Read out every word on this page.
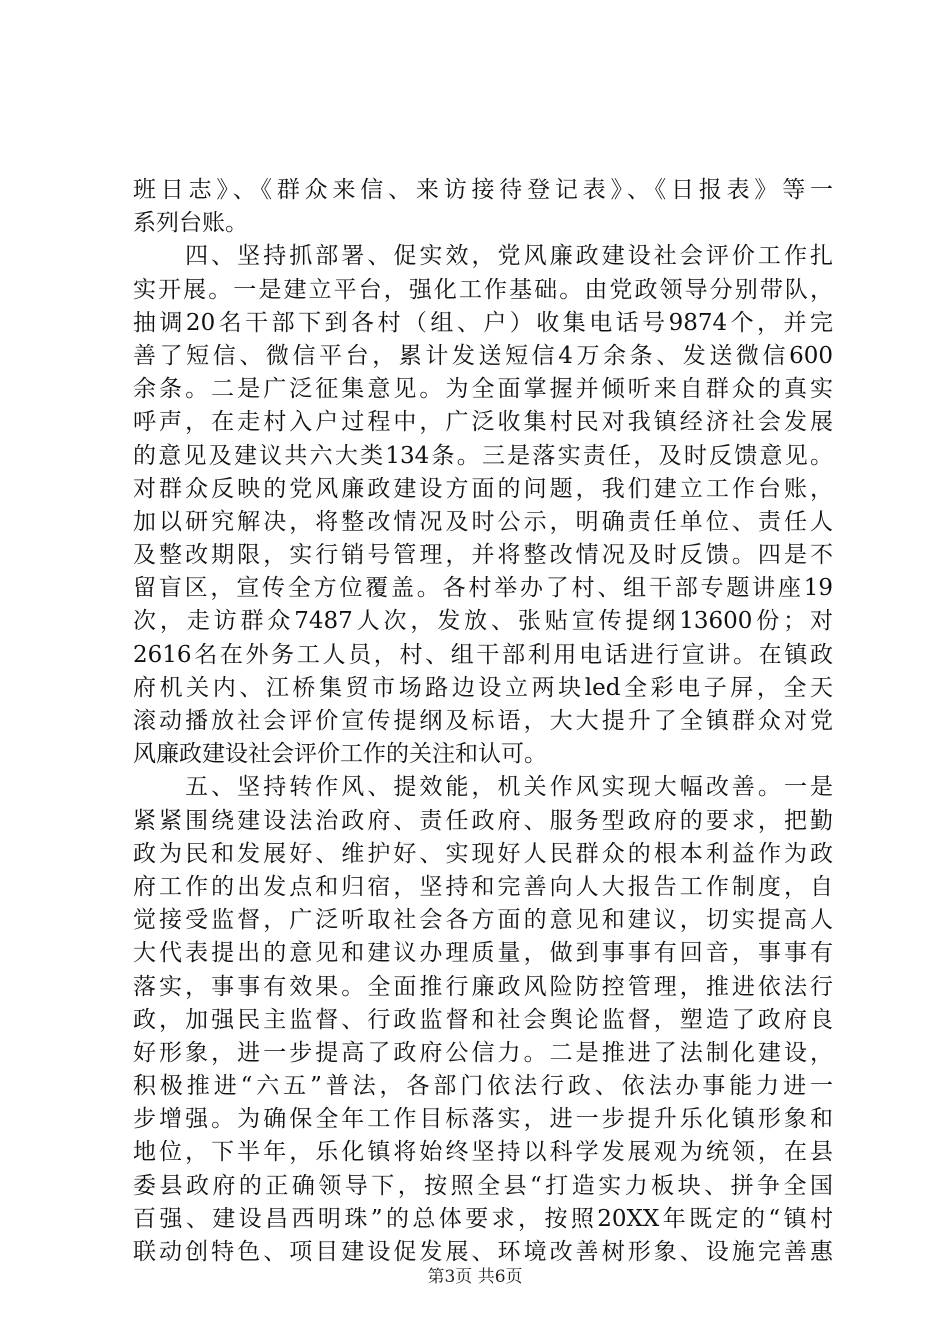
班日志》、《群众来信、来访接待登记表》、《日报表》等一
系列台账。
　　四、坚持抓部署、促实效，党风廉政建设社会评价工作扎
实开展。一是建立平台，强化工作基础。由党政领导分别带队，
抽调20名干部下到各村（组、户）收集电话号9874个，并完
善了短信、微信平台，累计发送短信4万余条、发送微信600
余条。二是广泛征集意见。为全面掌握并倾听来自群众的真实
呼声，在走村入户过程中，广泛收集村民对我镇经济社会发展
的意见及建议共六大类134条。三是落实责任，及时反馈意见。
对群众反映的党风廉政建设方面的问题，我们建立工作台账，
加以研究解决，将整改情况及时公示，明确责任单位、责任人
及整改期限，实行销号管理，并将整改情况及时反馈。四是不
留盲区，宣传全方位覆盖。各村举办了村、组干部专题讲座19
次，走访群众7487人次，发放、张贴宣传提纲13600份；对
2616名在外务工人员，村、组干部利用电话进行宣讲。在镇政
府机关内、江桥集贸市场路边设立两块led全彩电子屏，全天
滚动播放社会评价宣传提纲及标语，大大提升了全镇群众对党
风廉政建设社会评价工作的关注和认可。
　　五、坚持转作风、提效能，机关作风实现大幅改善。一是
紧紧围绕建设法治政府、责任政府、服务型政府的要求，把勤
政为民和发展好、维护好、实现好人民群众的根本利益作为政
府工作的出发点和归宿，坚持和完善向人大报告工作制度，自
觉接受监督，广泛听取社会各方面的意见和建议，切实提高人
大代表提出的意见和建议办理质量，做到事事有回音，事事有
落实，事事有效果。全面推行廉政风险防控管理，推进依法行
政，加强民主监督、行政监督和社会舆论监督，塑造了政府良
好形象，进一步提高了政府公信力。二是推进了法制化建设，
积极推进“六五”普法，各部门依法行政、依法办事能力进一
步增强。为确保全年工作目标落实，进一步提升乐化镇形象和
地位，下半年，乐化镇将始终坚持以科学发展观为统领，在县
委县政府的正确领导下，按照全县“打造实力板块、拼争全国
百强、建设昌西明珠”的总体要求，按照20XX年既定的“镇村
联动创特色、项目建设促发展、环境改善树形象、设施完善惠
第3页 共6页
